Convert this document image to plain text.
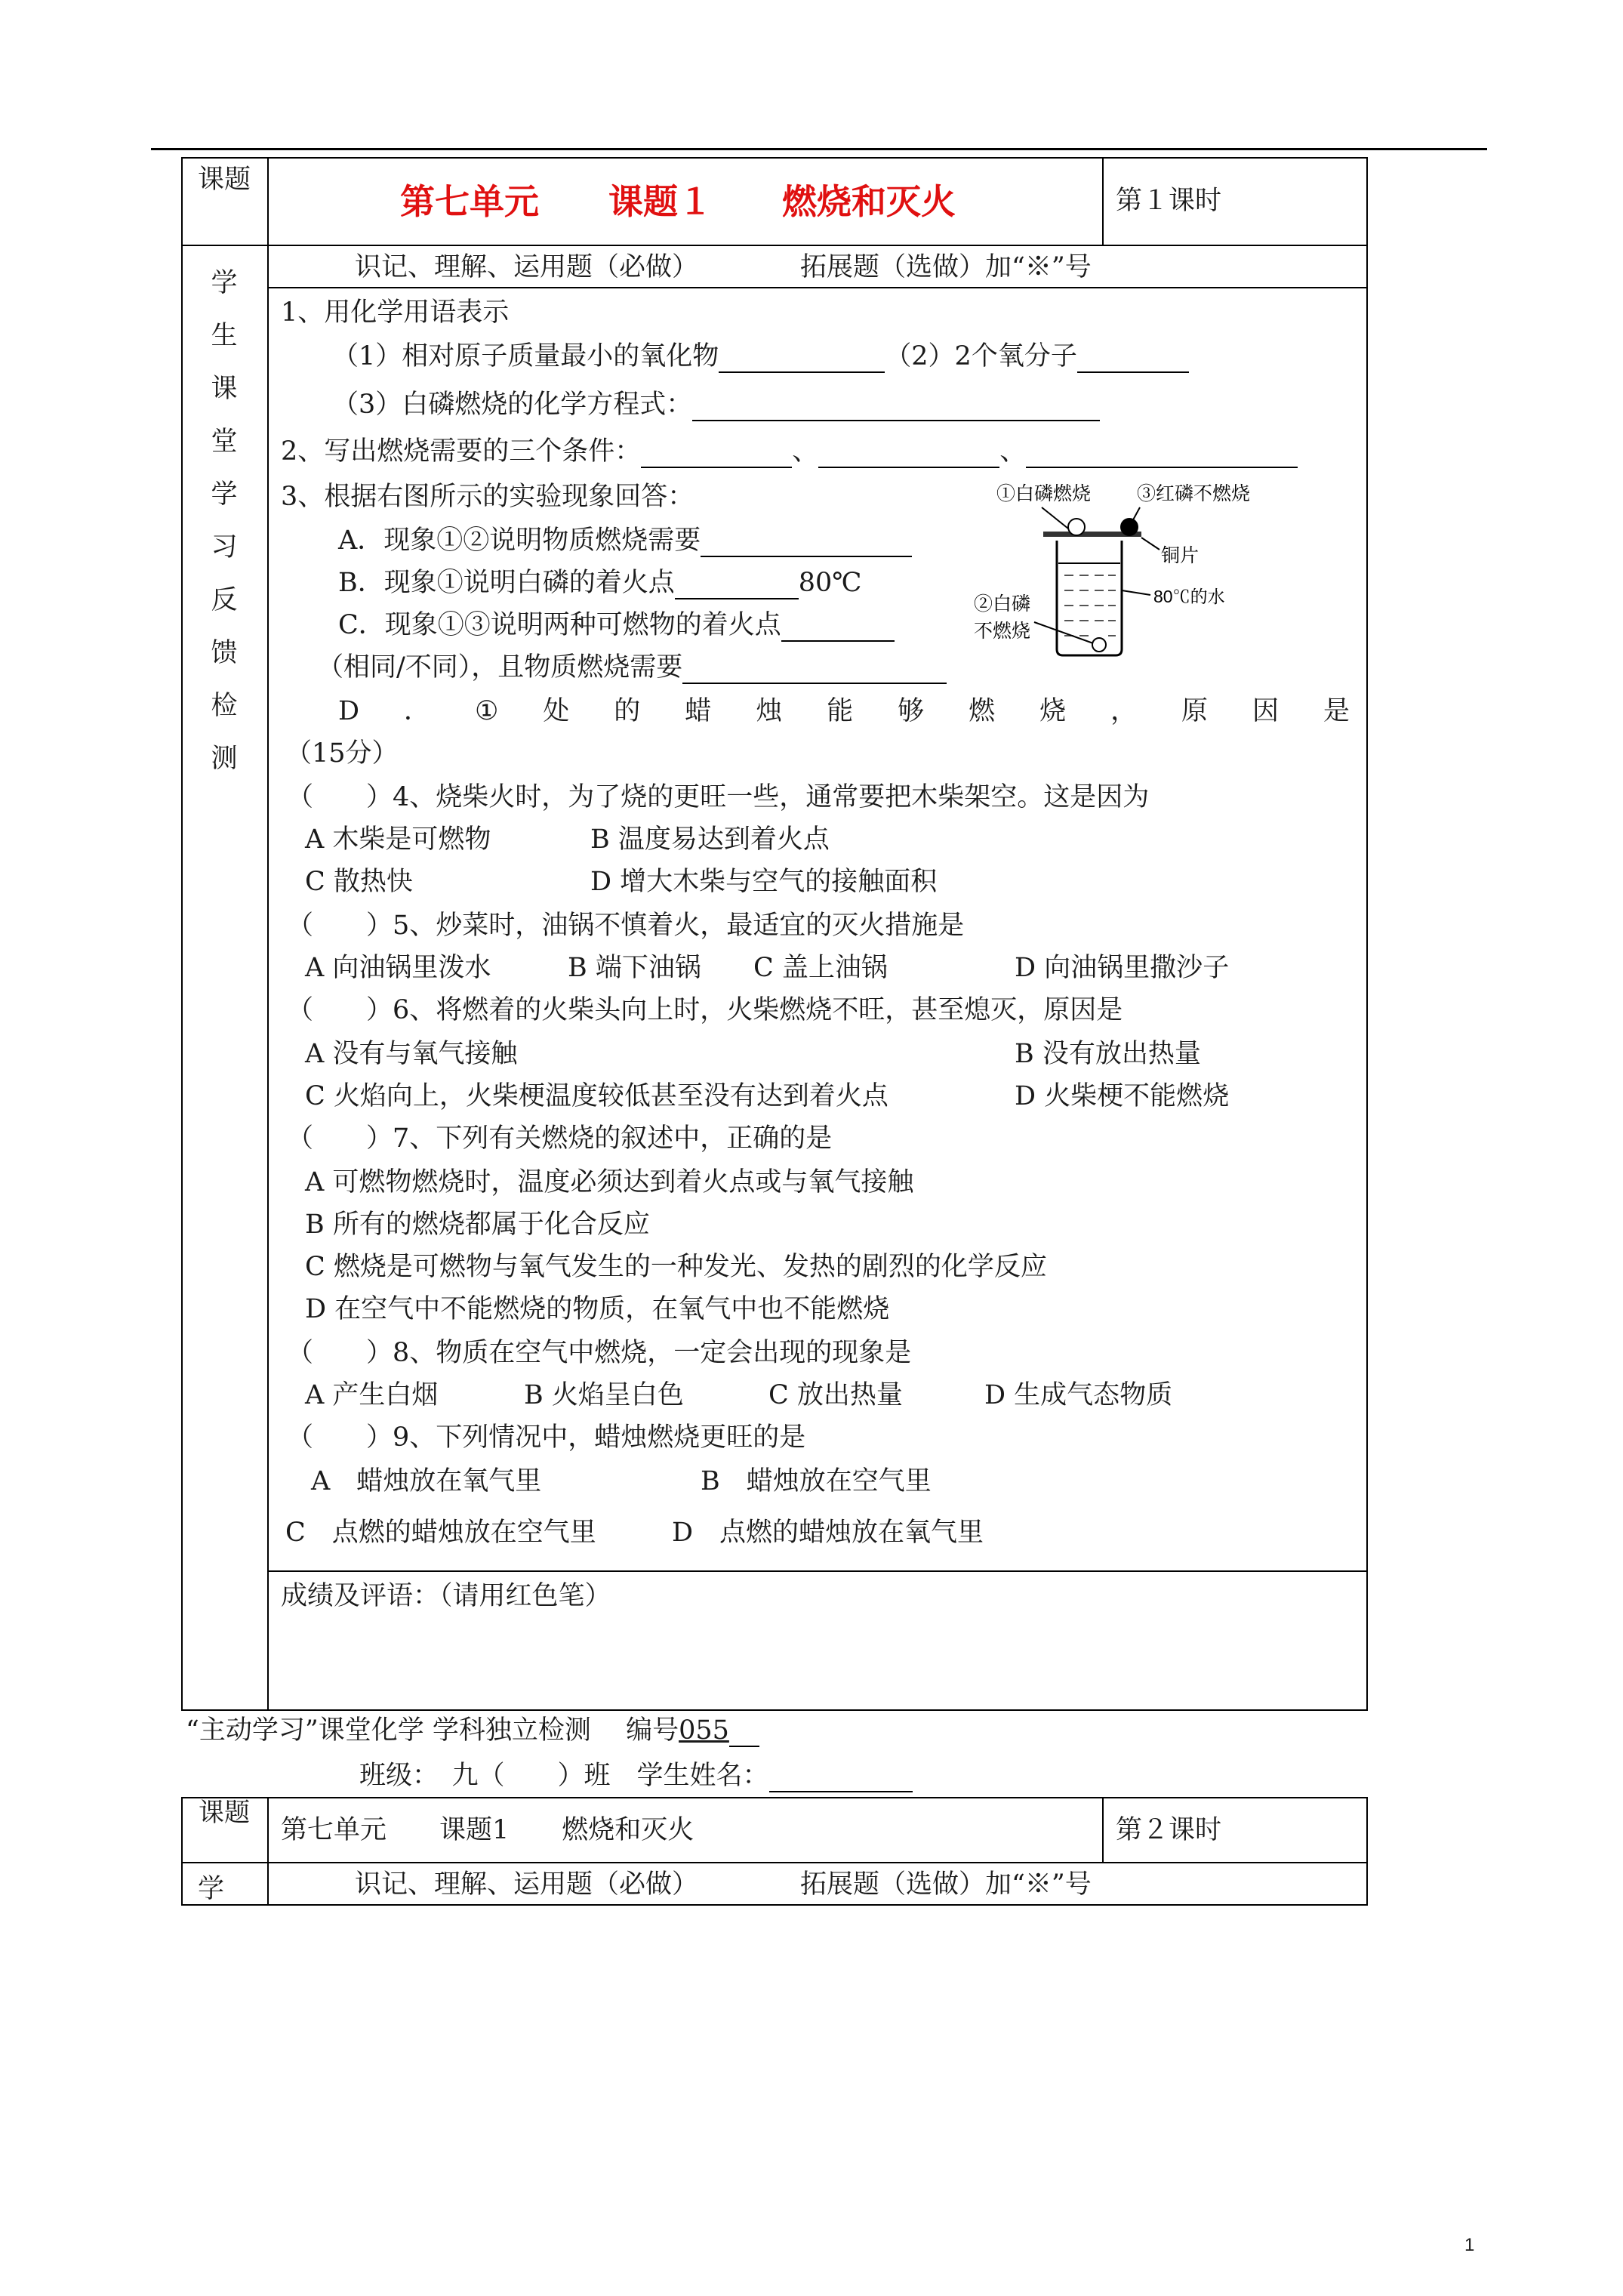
课题
第七单元　　 课题１　　 燃烧和灭火	第１课时
学
生
课
堂
学
习
反
馈
检
测
识记、理解、运用题（必做）	拓展题（选做）加“※”号
1、用化学用语表示
（1）相对原子质量最小的氧化物	（2）2个氧分子
（3）白磷燃烧的化学方程式：
2、写出燃烧需要的三个条件：	、	、
3、根据右图所示的实验现象回答：
A．现象①②说明物质燃烧需要
B．现象①说明白磷的着火点	80℃
C．现象①③说明两种可燃物的着火点
（相同/不同），且物质燃烧需要
D ． ① 处 的 蜡 烛 能 够 燃 烧 ， 原 因 是
（15分）
①白磷燃烧 ③红磷不燃烧
铜片
80℃的水
②白磷
不燃烧
（　　）4、烧柴火时，为了烧的更旺一些，通常要把木柴架空。这是因为
A 木柴是可燃物	B 温度易达到着火点
C 散热快	D 增大木柴与空气的接触面积
（　　）5、炒菜时，油锅不慎着火，最适宜的灭火措施是
A 向油锅里泼水	B 端下油锅 C 盖上油锅	D 向油锅里撒沙子
（　　）6、将燃着的火柴头向上时，火柴燃烧不旺，甚至熄灭，原因是
A 没有与氧气接触	B 没有放出热量
C 火焰向上，火柴梗温度较低甚至没有达到着火点	D 火柴梗不能燃烧
（　　）7、下列有关燃烧的叙述中，正确的是
A 可燃物燃烧时，温度必须达到着火点或与氧气接触
B 所有的燃烧都属于化合反应
C 燃烧是可燃物与氧气发生的一种发光、发热的剧烈的化学反应
D 在空气中不能燃烧的物质，在氧气中也不能燃烧
（　　）8、物质在空气中燃烧，一定会出现的现象是
A 产生白烟	B 火焰呈白色	C 放出热量	D 生成气态物质
（　　）9、下列情况中，蜡烛燃烧更旺的是
A　蜡烛放在氧气里	B　蜡烛放在空气里
C　点燃的蜡烛放在空气里	D　点燃的蜡烛放在氧气里
成绩及评语：（请用红色笔）
“主动学习”课堂化学 学科独立检测　 编号055
班级：　九（　　）班　学生姓名：
课题
第七单元　　课题1　　燃烧和灭火	第２课时
学	识记、理解、运用题（必做）	拓展题（选做）加“※”号
1
